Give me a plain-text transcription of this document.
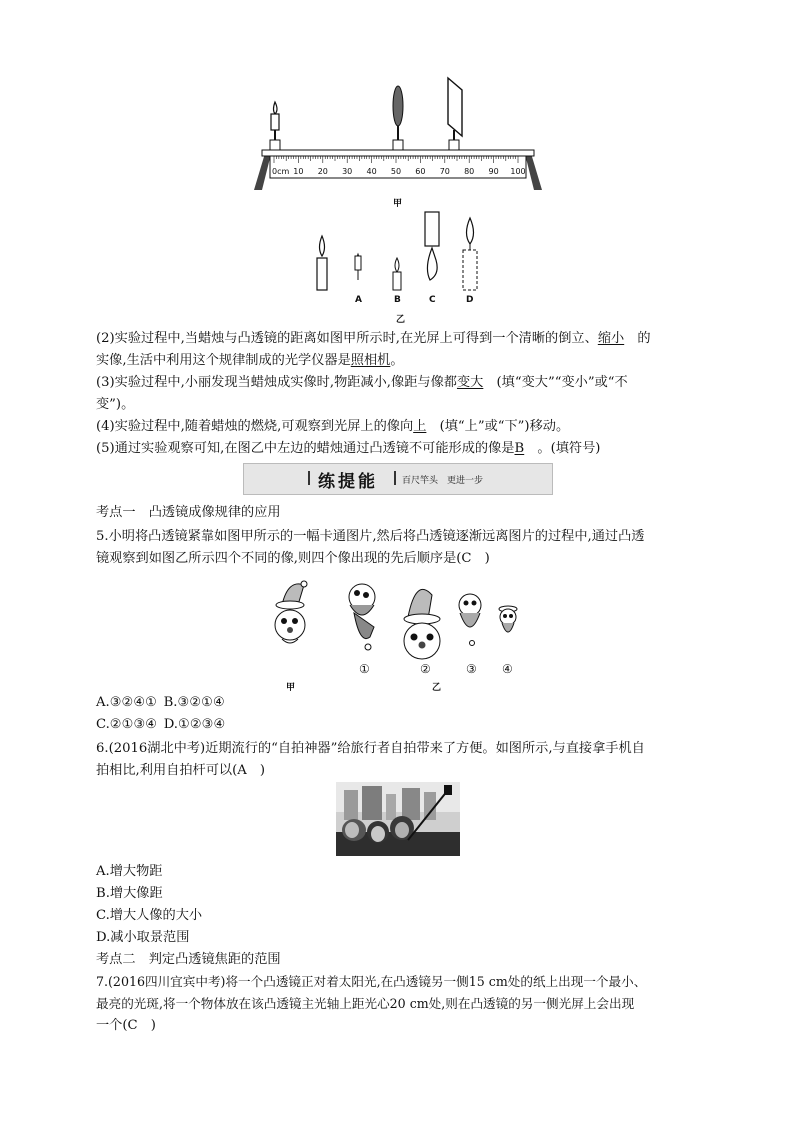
0cm 10 20 30 40 50 60 70 80 90 100
甲
A	B	C	D
乙
(2)实验过程中,当蜡烛与凸透镜的距离如图甲所示时,在光屏上可得到一个清晰的倒立、缩小  的
实像,生活中利用这个规律制成的光学仪器是照相机。
(3)实验过程中,小丽发现当蜡烛成实像时,物距减小,像距与像都变大  (填“变大”“变小”或“不
变”)。
(4)实验过程中,随着蜡烛的燃烧,可观察到光屏上的像向上  (填“上”或“下”)移动。
(5)通过实验观察可知,在图乙中左边的蜡烛通过凸透镜不可能形成的像是B  。(填符号)
练提能	百尺竿头　更进一步
考点一　凸透镜成像规律的应用
5.小明将凸透镜紧靠如图甲所示的一幅卡通图片,然后将凸透镜逐渐远离图片的过程中,通过凸透
镜观察到如图乙所示四个不同的像,则四个像出现的先后顺序是(C　)
①	②	③ ④
甲	乙
A.③②④①  B.③②①④
C.②①③④  D.①②③④
6.(2016湖北中考)近期流行的“自拍神器”给旅行者自拍带来了方便。如图所示,与直接拿手机自
拍相比,利用自拍杆可以(A　)
A.增大物距
B.增大像距
C.增大人像的大小
D.减小取景范围
考点二　判定凸透镜焦距的范围
7.(2016四川宜宾中考)将一个凸透镜正对着太阳光,在凸透镜另一侧15 cm处的纸上出现一个最小、
最亮的光斑,将一个物体放在该凸透镜主光轴上距光心20 cm处,则在凸透镜的另一侧光屏上会出现
一个(C　)
